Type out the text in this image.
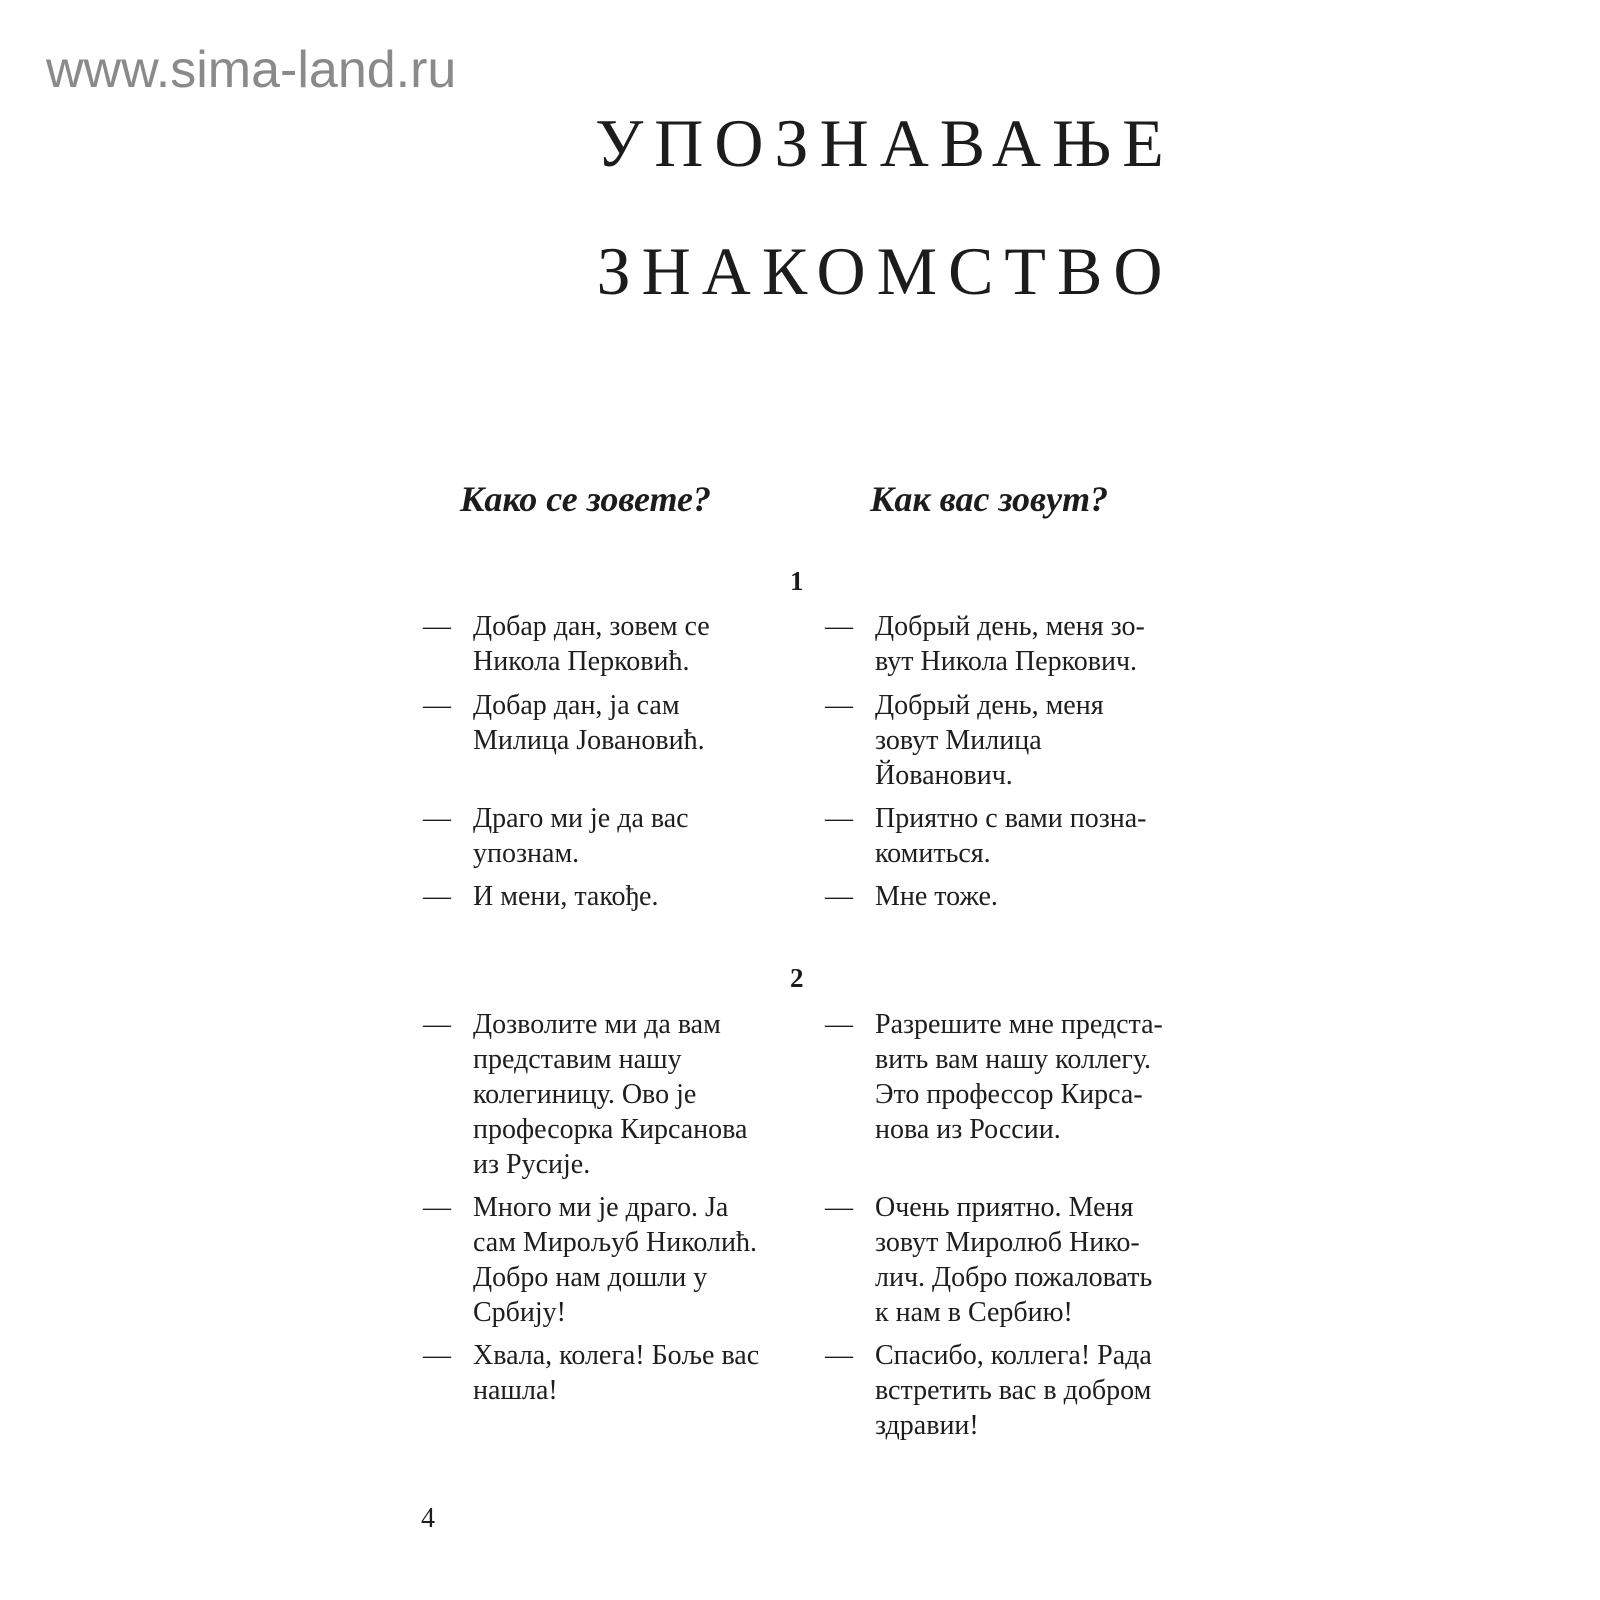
www.sima-land.ru
УПОЗНАВАЊЕ
ЗНАКОМСТВО
Како се зовете?	Как вас зовут?
1
— Добар дан, зовем се
Никола Перковић.
— Добрый день, меня зо-
вут Никола Перкович.
— Добар дан, ја сам
Милица Јовановић.
— Добрый день, меня
зовут Милица
Йованович.
— Драго ми је да вас
упознам.
— Приятно с вами позна-
комиться.
— И мени, такође.	— Мне тоже.
2
— Дозволите ми да вам
представим нашу
колегиницу. Ово је
професорка Кирсанова
из Русије.
— Разрешите мне предста-
вить вам нашу коллегу.
Это профессор Кирса-
нова из России.
— Много ми је драго. Ја
сам Мирољуб Николић.
Добро нам дошли у
Србију!
— Очень приятно. Меня
зовут Миролюб Нико-
лич. Добро пожаловать
к нам в Сербию!
— Хвала, колега! Боље вас
нашла!
— Спасибо, коллега! Рада
встретить вас в добром
здравии!
4
